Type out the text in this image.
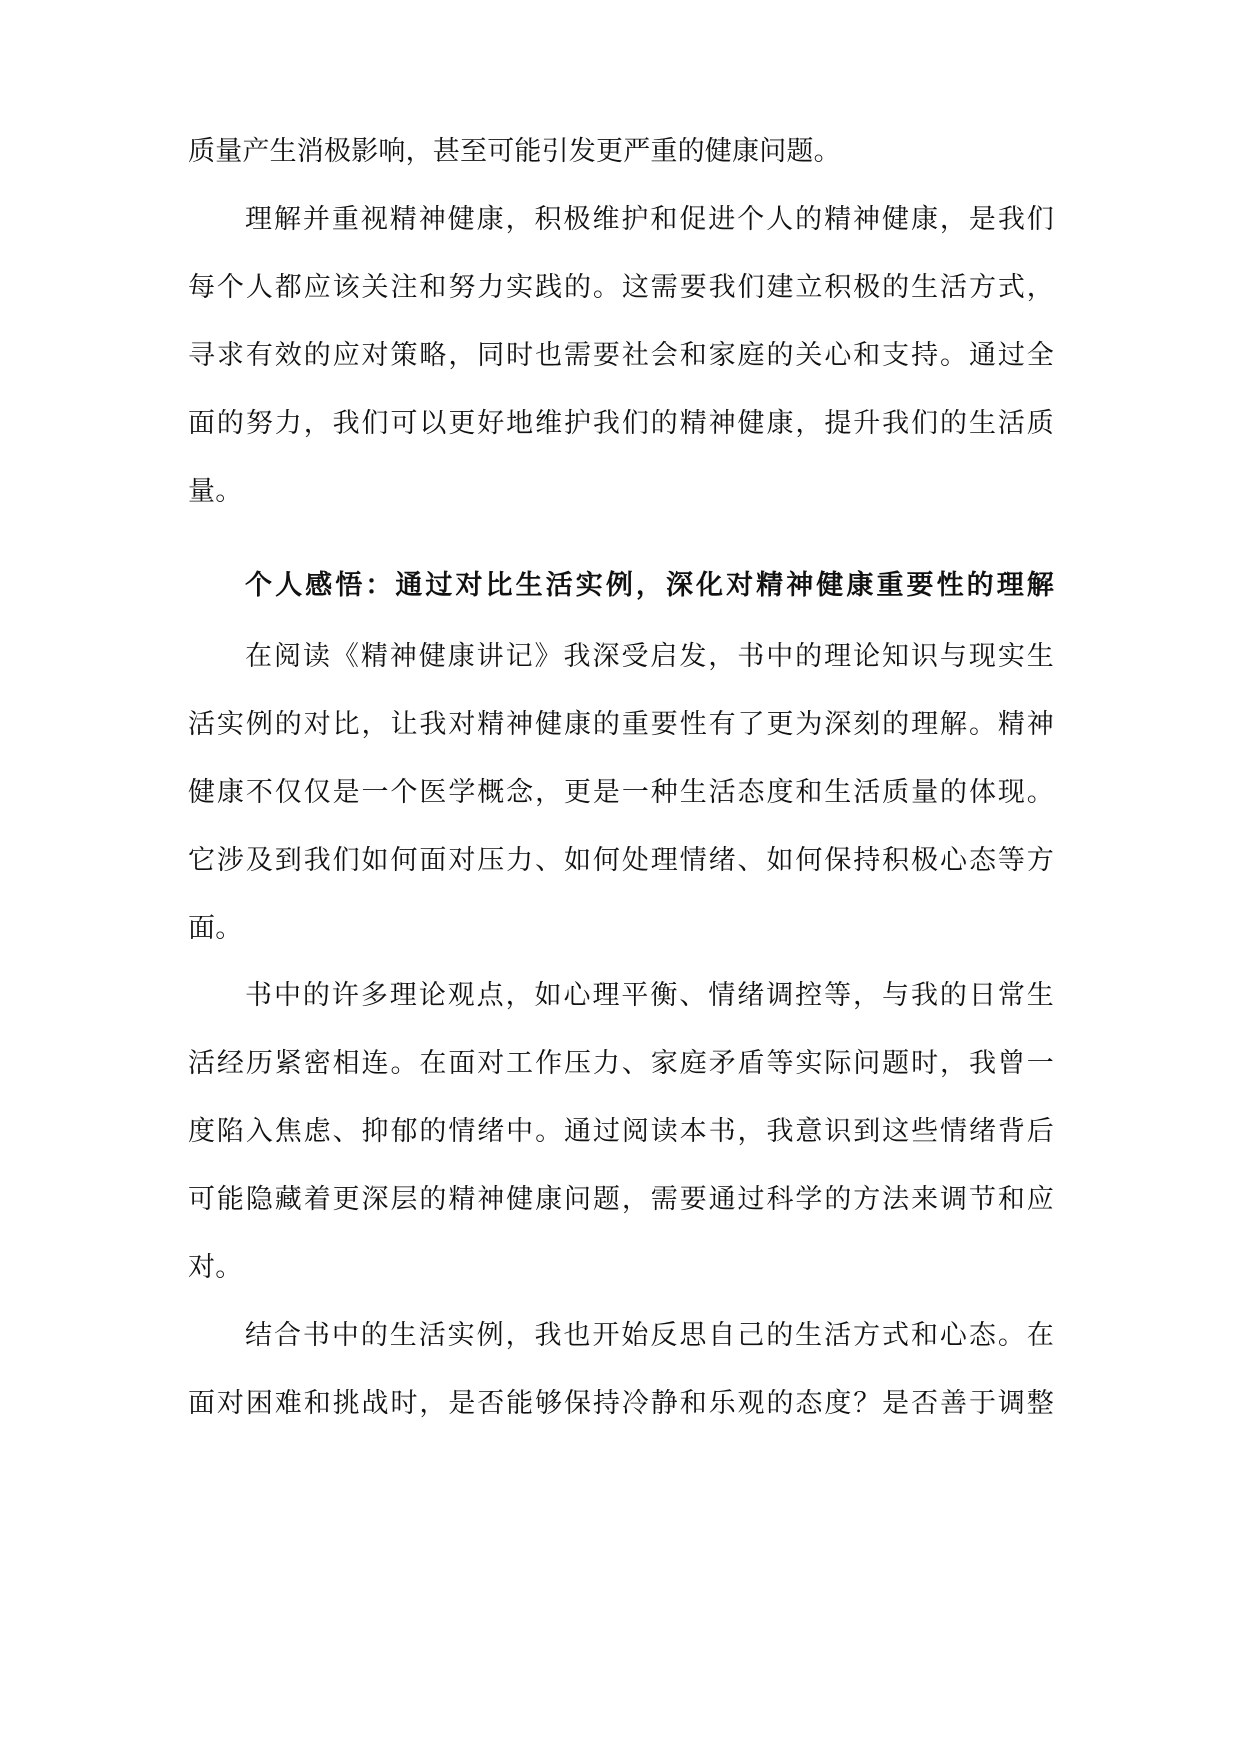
质量产生消极影响，甚至可能引发更严重的健康问题。
理解并重视精神健康，积极维护和促进个人的精神健康，是我们
每个人都应该关注和努力实践的。这需要我们建立积极的生活方式，
寻求有效的应对策略，同时也需要社会和家庭的关心和支持。通过全
面的努力，我们可以更好地维护我们的精神健康，提升我们的生活质
量。
个人感悟：通过对比生活实例，深化对精神健康重要性的理解
在阅读《精神健康讲记》我深受启发，书中的理论知识与现实生
活实例的对比，让我对精神健康的重要性有了更为深刻的理解。精神
健康不仅仅是一个医学概念，更是一种生活态度和生活质量的体现。
它涉及到我们如何面对压力、如何处理情绪、如何保持积极心态等方
面。
书中的许多理论观点，如心理平衡、情绪调控等，与我的日常生
活经历紧密相连。在面对工作压力、家庭矛盾等实际问题时，我曾一
度陷入焦虑、抑郁的情绪中。通过阅读本书，我意识到这些情绪背后
可能隐藏着更深层的精神健康问题，需要通过科学的方法来调节和应
对。
结合书中的生活实例，我也开始反思自己的生活方式和心态。在
面对困难和挑战时，是否能够保持冷静和乐观的态度？是否善于调整
